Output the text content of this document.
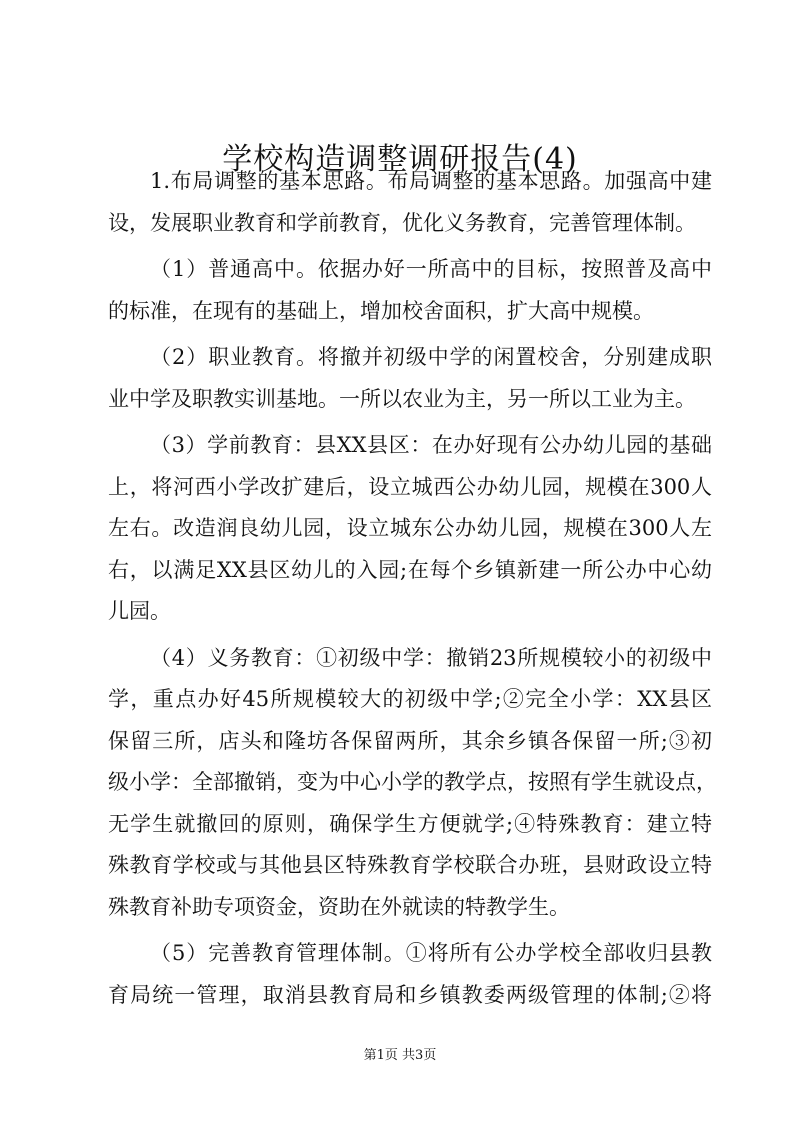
学校构造调整调研报告(4)
1.布局调整的基本思路。布局调整的基本思路。加强高中建
设，发展职业教育和学前教育，优化义务教育，完善管理体制。
（1）普通高中。依据办好一所高中的目标，按照普及高中
的标准，在现有的基础上，增加校舍面积，扩大高中规模。
（2）职业教育。将撤并初级中学的闲置校舍，分别建成职
业中学及职教实训基地。一所以农业为主，另一所以工业为主。
（3）学前教育：县XX县区：在办好现有公办幼儿园的基础
上，将河西小学改扩建后，设立城西公办幼儿园，规模在300人
左右。改造润良幼儿园，设立城东公办幼儿园，规模在300人左
右，以满足XX县区幼儿的入园;在每个乡镇新建一所公办中心幼
儿园。
（4）义务教育：①初级中学：撤销23所规模较小的初级中
学，重点办好45所规模较大的初级中学;②完全小学：XX县区
保留三所，店头和隆坊各保留两所，其余乡镇各保留一所;③初
级小学：全部撤销，变为中心小学的教学点，按照有学生就设点，
无学生就撤回的原则，确保学生方便就学;④特殊教育：建立特
殊教育学校或与其他县区特殊教育学校联合办班，县财政设立特
殊教育补助专项资金，资助在外就读的特教学生。
（5）完善教育管理体制。①将所有公办学校全部收归县教
育局统一管理，取消县教育局和乡镇教委两级管理的体制;②将
第1页 共3页
